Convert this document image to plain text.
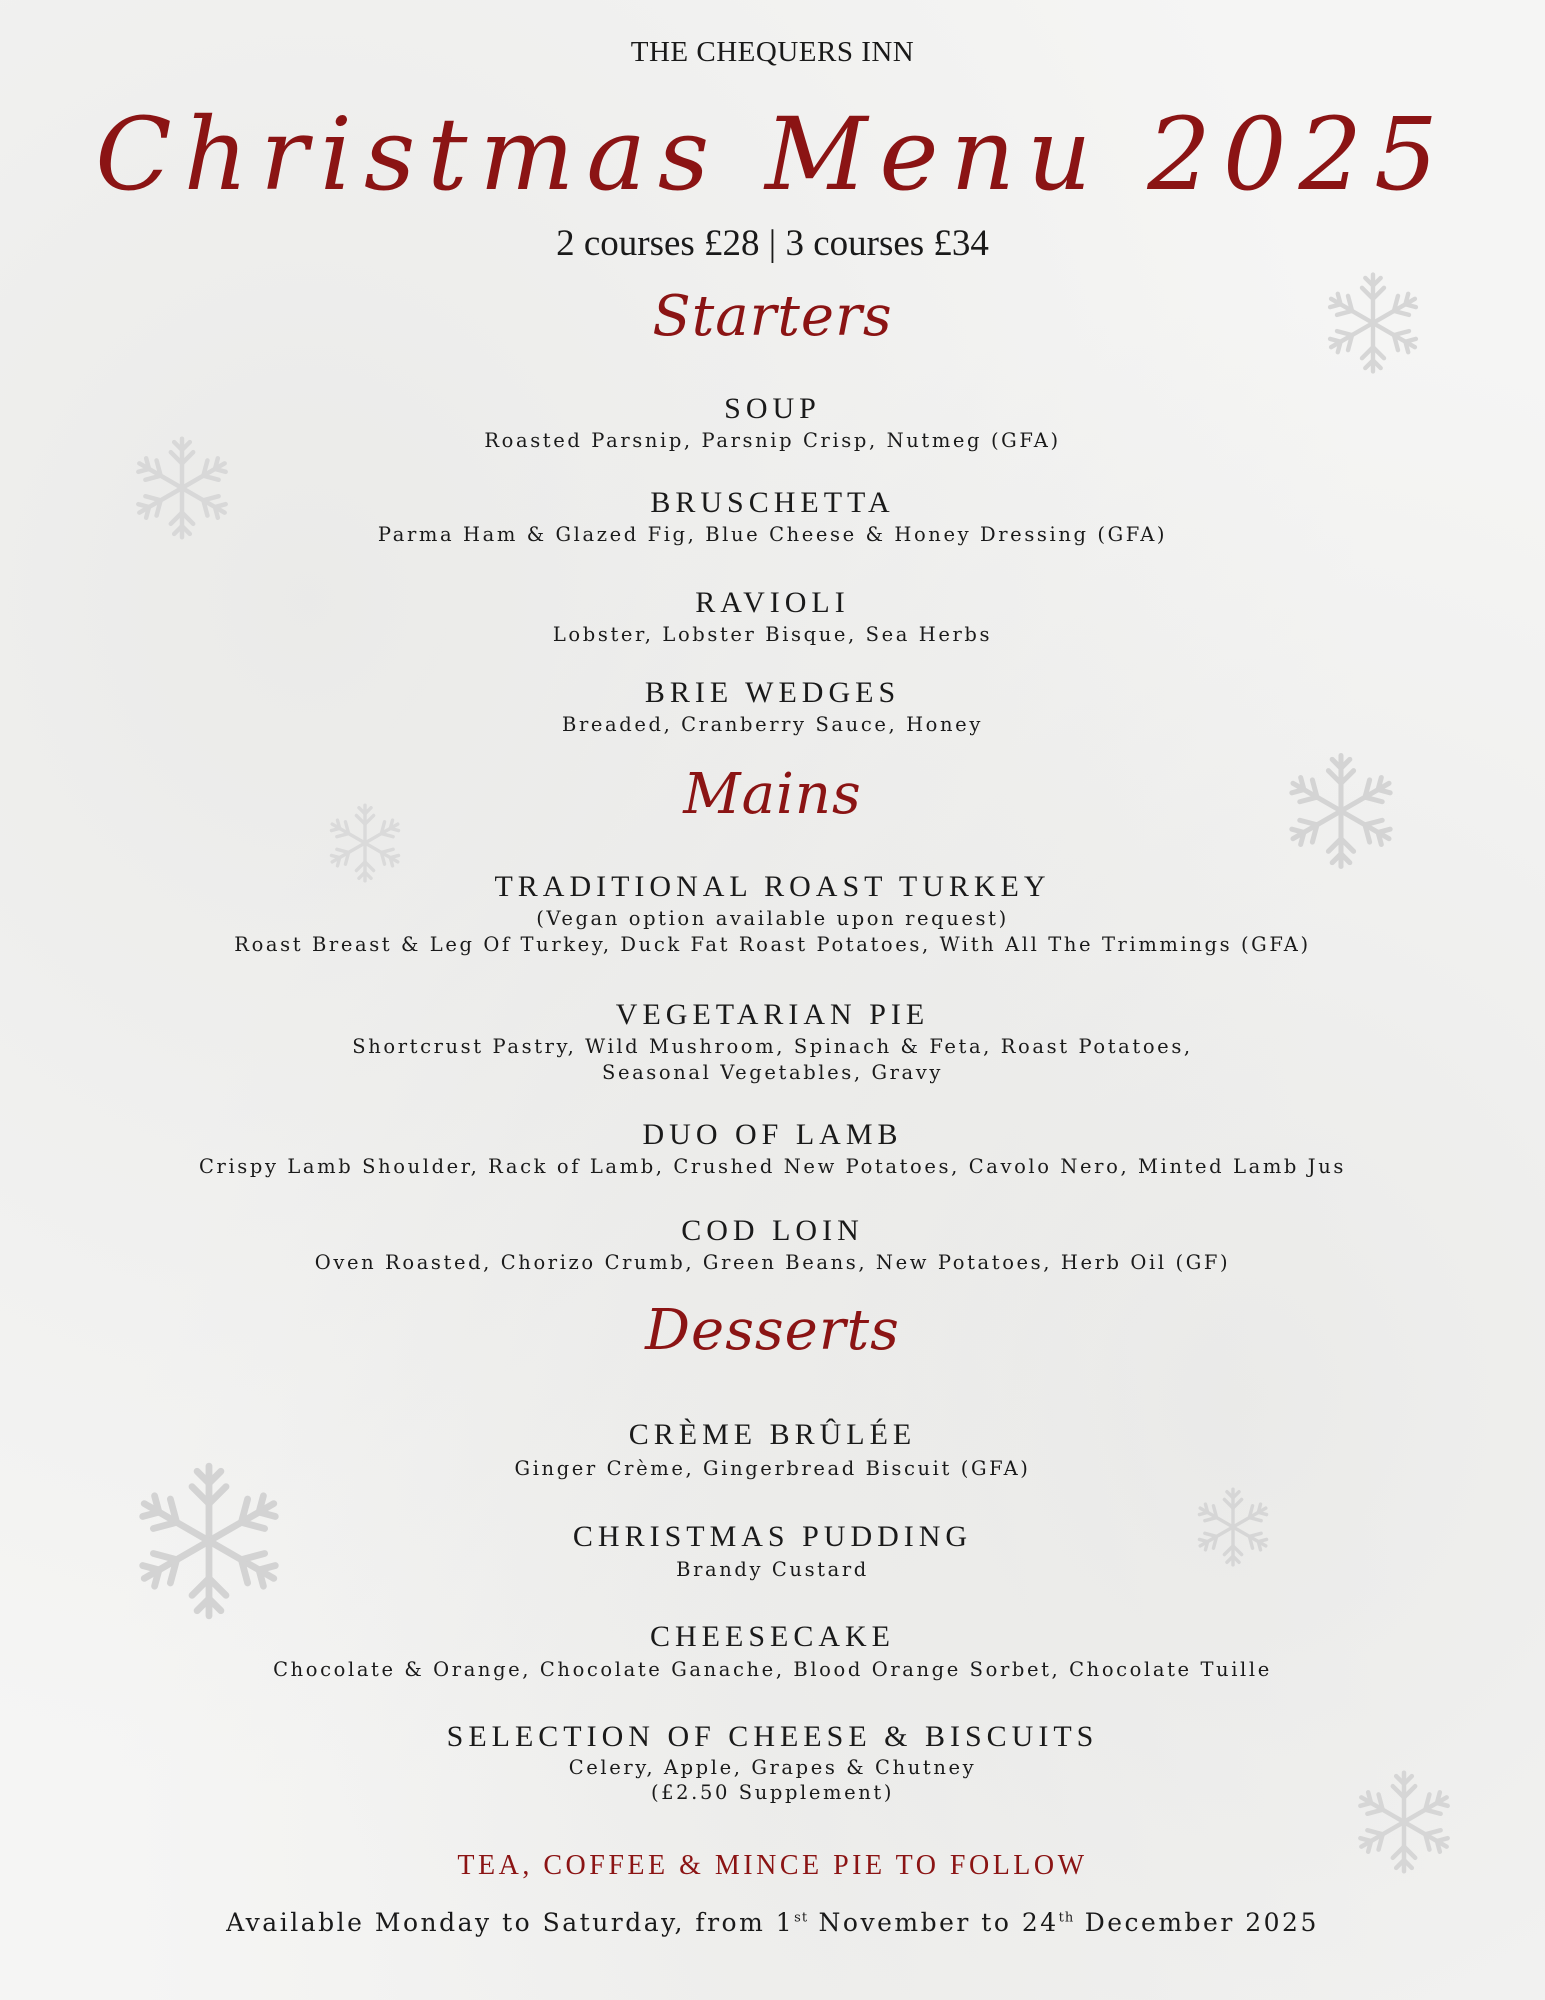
THE CHEQUERS INN
Christmas Menu 2025
2 courses £28 | 3 courses £34
Starters
SOUP
Roasted Parsnip, Parsnip Crisp, Nutmeg (GFA)
BRUSCHETTA
Parma Ham & Glazed Fig, Blue Cheese & Honey Dressing (GFA)
RAVIOLI
Lobster, Lobster Bisque, Sea Herbs
BRIE WEDGES
Breaded, Cranberry Sauce, Honey
Mains
TRADITIONAL ROAST TURKEY
(Vegan option available upon request)
Roast Breast & Leg Of Turkey, Duck Fat Roast Potatoes, With All The Trimmings (GFA)
VEGETARIAN PIE
Shortcrust Pastry, Wild Mushroom, Spinach & Feta, Roast Potatoes,
Seasonal Vegetables, Gravy
DUO OF LAMB
Crispy Lamb Shoulder, Rack of Lamb, Crushed New Potatoes, Cavolo Nero, Minted Lamb Jus
COD LOIN
Oven Roasted, Chorizo Crumb, Green Beans, New Potatoes, Herb Oil (GF)
Desserts
CRÈME BRÛLÉE
Ginger Crème, Gingerbread Biscuit (GFA)
CHRISTMAS PUDDING
Brandy Custard
CHEESECAKE
Chocolate & Orange, Chocolate Ganache, Blood Orange Sorbet, Chocolate Tuille
SELECTION OF CHEESE & BISCUITS
Celery, Apple, Grapes & Chutney
(£2.50 Supplement)
TEA, COFFEE & MINCE PIE TO FOLLOW
Available Monday to Saturday, from 1st November to 24th December 2025
